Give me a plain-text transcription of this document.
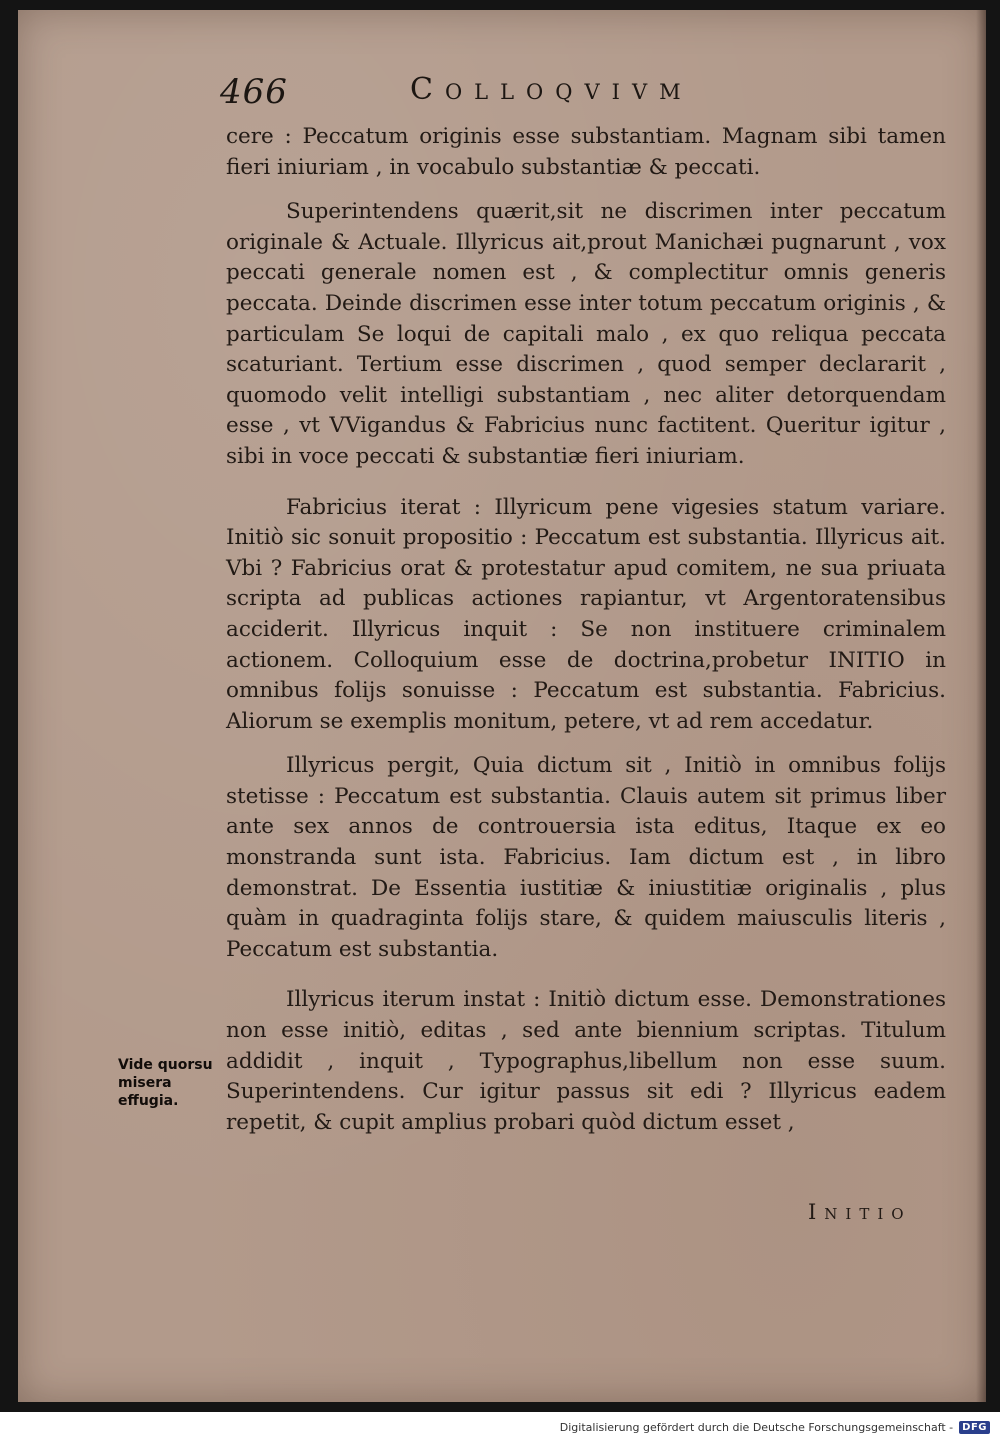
466	Colloqvivm

cere : Peccatum originis esse substantiam. Magnam sibi tamen fieri iniuriam , in vocabulo substantiæ & peccati.

Superintendens quærit,sit ne discrimen inter peccatum originale & Actuale. Illyricus ait,prout Manichæi pugnarunt , vox peccati generale nomen est , & complectitur omnis generis peccata. Deinde discrimen esse inter totum peccatum originis , & particulam Se loqui de capitali malo , ex quo reliqua peccata scaturiant. Tertium esse discrimen , quod semper declararit , quomodo velit intelligi substantiam , nec aliter detorquendam esse , vt VVigandus & Fabricius nunc factitent. Queritur igitur , sibi in voce peccati & substantiæ fieri iniuriam.

Fabricius iterat : Illyricum pene vigesies statum variare. Initiò sic sonuit propositio : Peccatum est substantia. Illyricus ait. Vbi ? Fabricius orat & protestatur apud comitem, ne sua priuata scripta ad publicas actiones rapiantur, vt Argentoratensibus acciderit. Illyricus inquit : Se non instituere criminalem actionem. Colloquium esse de doctrina,probetur INITIO in omnibus folijs sonuisse : Peccatum est substantia. Fabricius. Aliorum se exemplis monitum, petere, vt ad rem accedatur.

Illyricus pergit, Quia dictum sit , Initiò in omnibus folijs stetisse : Peccatum est substantia. Clauis autem sit primus liber ante sex annos de controuersia ista editus, Itaque ex eo monstranda sunt ista. Fabricius. Iam dictum est , in libro demonstrat. De Essentia iustitiæ & iniustitiæ originalis , plus quàm in quadraginta folijs stare, & quidem maiusculis literis , Peccatum est substantia.

Illyricus iterum instat : Initiò dictum esse. Demonstrationes non esse initiò, editas , sed ante biennium scriptas. Titulum addidit , inquit , Typographus,libellum non esse suum. Superintendens. Cur igitur passus sit edi ? Illyricus eadem repetit, & cupit amplius probari quòd dictum esset ,

Vide quorsu misera effugia.
Initio
Digitalisierung gefördert durch die Deutsche Forschungsgemeinschaft - DFG
